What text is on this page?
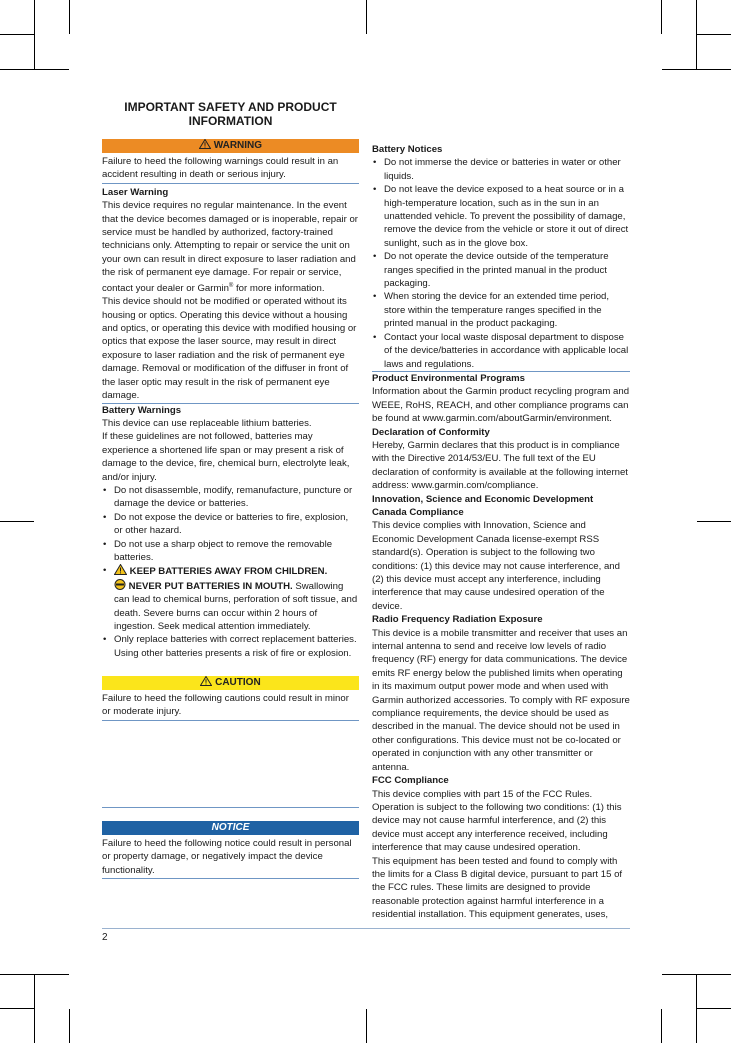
IMPORTANT SAFETY AND PRODUCT
INFORMATION
WARNING

Failure to heed the following warnings could result in an accident resulting in death or serious injury.

Laser Warning

This device requires no regular maintenance. In the event that the device becomes damaged or is inoperable, repair or service must be handled by authorized, factory-trained technicians only. Attempting to repair or service the unit on your own can result in direct exposure to laser radiation and the risk of permanent eye damage. For repair or service, contact your dealer or Garmin® for more information.

This device should not be modified or operated without its housing or optics. Operating this device without a housing and optics, or operating this device with modified housing or optics that expose the laser source, may result in direct exposure to laser radiation and the risk of permanent eye damage. Removal or modification of the diffuser in front of the laser optic may result in the risk of permanent eye damage.

Battery Warnings

This device can use replaceable lithium batteries.

If these guidelines are not followed, batteries may experience a shortened life span or may present a risk of damage to the device, fire, chemical burn, electrolyte leak, and/or injury.

• Do not disassemble, modify, remanufacture, puncture or damage the device or batteries.
• Do not expose the device or batteries to fire, explosion, or other hazard.
• Do not use a sharp object to remove the removable batteries.
• KEEP BATTERIES AWAY FROM CHILDREN.
NEVER PUT BATTERIES IN MOUTH. Swallowing can lead to chemical burns, perforation of soft tissue, and death. Severe burns can occur within 2 hours of ingestion. Seek medical attention immediately.
• Only replace batteries with correct replacement batteries. Using other batteries presents a risk of fire or explosion.
CAUTION

Failure to heed the following cautions could result in minor or moderate injury.

NOTICE

Failure to heed the following notice could result in personal or property damage, or negatively impact the device functionality.

Battery Notices
• Do not immerse the device or batteries in water or other liquids.
• Do not leave the device exposed to a heat source or in a high-temperature location, such as in the sun in an unattended vehicle. To prevent the possibility of damage, remove the device from the vehicle or store it out of direct sunlight, such as in the glove box.
• Do not operate the device outside of the temperature ranges specified in the printed manual in the product packaging.
• When storing the device for an extended time period, store within the temperature ranges specified in the printed manual in the product packaging.
• Contact your local waste disposal department to dispose of the device/batteries in accordance with applicable local laws and regulations.
Product Environmental Programs

Information about the Garmin product recycling program and WEEE, RoHS, REACH, and other compliance programs can be found at www.garmin.com/aboutGarmin/environment.

Declaration of Conformity

Hereby, Garmin declares that this product is in compliance with the Directive 2014/53/EU. The full text of the EU declaration of conformity is available at the following internet address: www.garmin.com/compliance.

Innovation, Science and Economic Development Canada Compliance

This device complies with Innovation, Science and Economic Development Canada license-exempt RSS standard(s). Operation is subject to the following two conditions: (1) this device may not cause interference, and (2) this device must accept any interference, including interference that may cause undesired operation of the device.

Radio Frequency Radiation Exposure

This device is a mobile transmitter and receiver that uses an internal antenna to send and receive low levels of radio frequency (RF) energy for data communications. The device emits RF energy below the published limits when operating in its maximum output power mode and when used with Garmin authorized accessories. To comply with RF exposure compliance requirements, the device should be used as described in the manual. The device should not be used in other configurations. This device must not be co-located or operated in conjunction with any other transmitter or antenna.

FCC Compliance

This device complies with part 15 of the FCC Rules. Operation is subject to the following two conditions: (1) this device may not cause harmful interference, and (2) this device must accept any interference received, including interference that may cause undesired operation.

This equipment has been tested and found to comply with the limits for a Class B digital device, pursuant to part 15 of the FCC rules. These limits are designed to provide reasonable protection against harmful interference in a residential installation. This equipment generates, uses,

2
